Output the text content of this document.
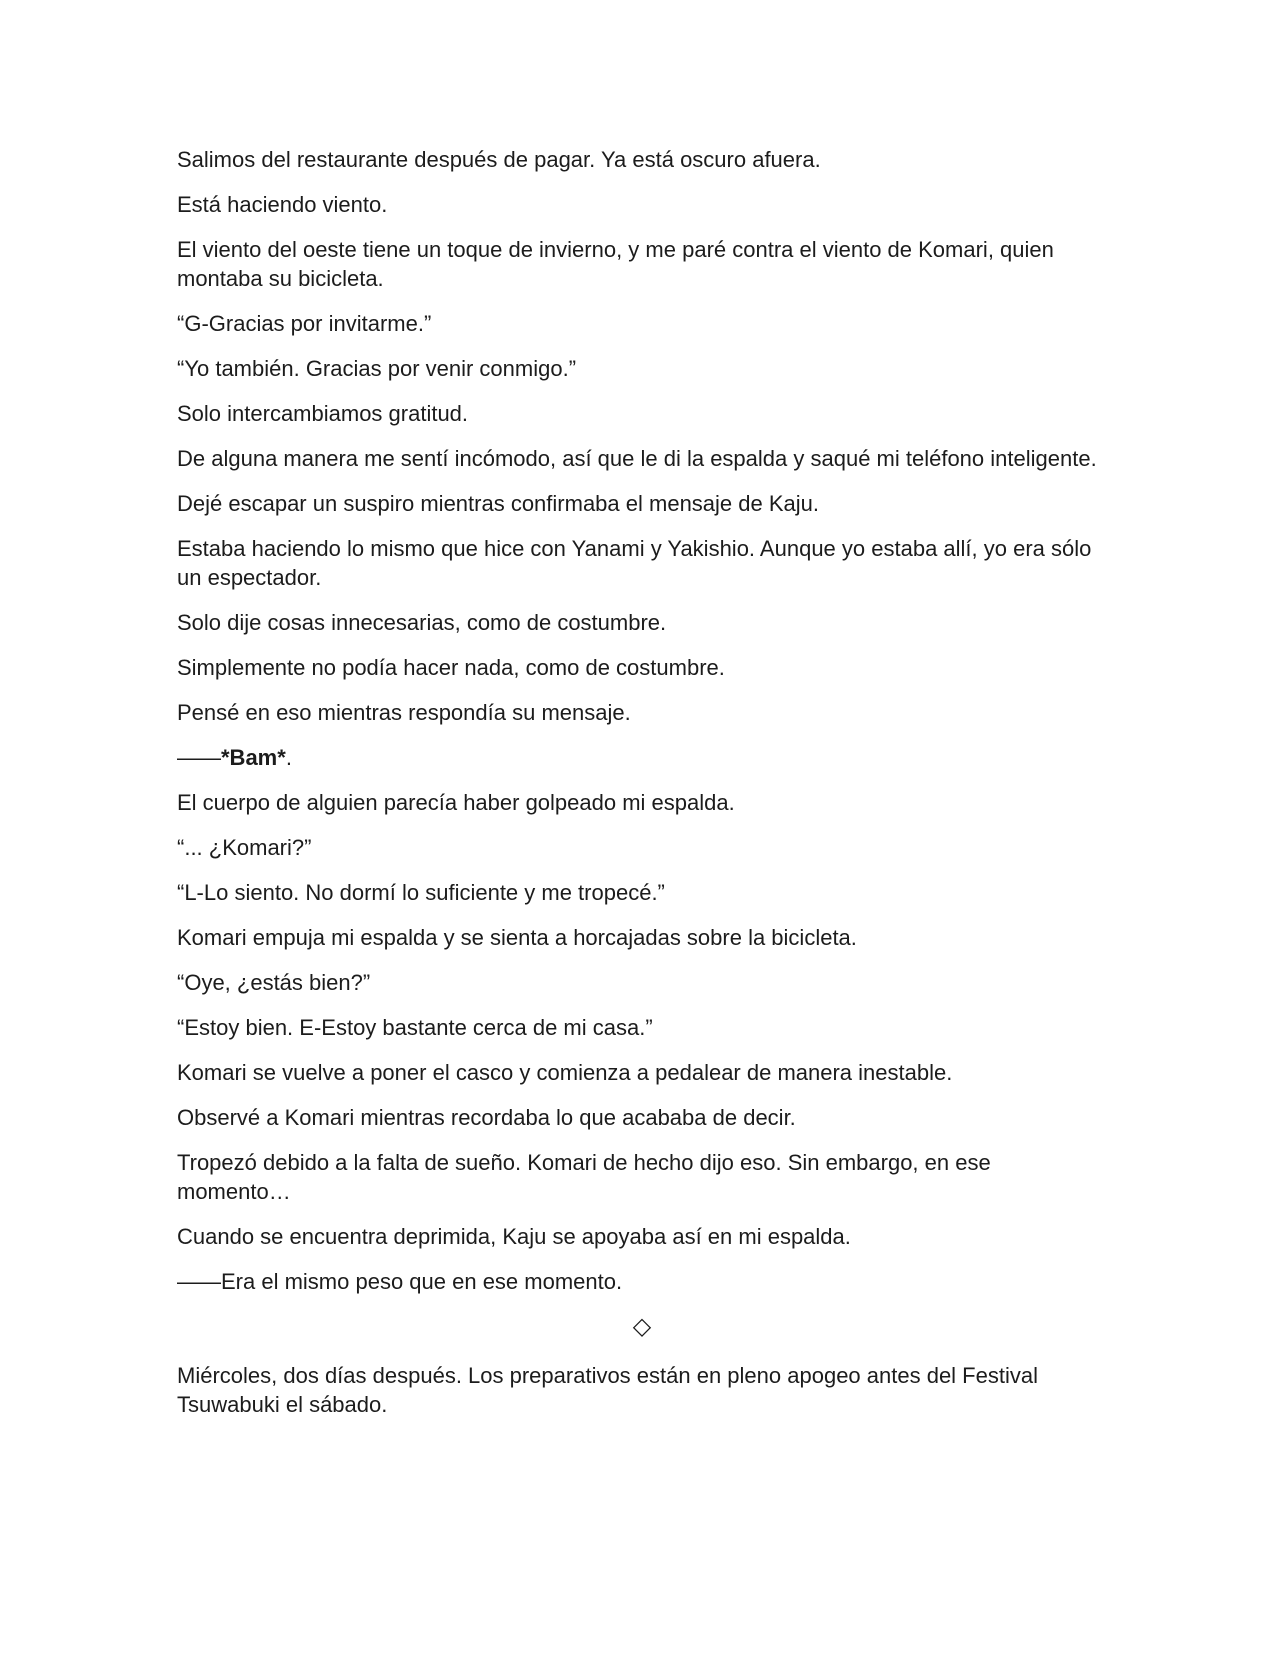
Salimos del restaurante después de pagar. Ya está oscuro afuera.

Está haciendo viento.

El viento del oeste tiene un toque de invierno, y me paré contra el viento de Komari, quien montaba su bicicleta.

“G-Gracias por invitarme.”

“Yo también. Gracias por venir conmigo.”

Solo intercambiamos gratitud.

De alguna manera me sentí incómodo, así que le di la espalda y saqué mi teléfono inteligente.

Dejé escapar un suspiro mientras confirmaba el mensaje de Kaju.

Estaba haciendo lo mismo que hice con Yanami y Yakishio. Aunque yo estaba allí, yo era sólo un espectador.

Solo dije cosas innecesarias, como de costumbre.

Simplemente no podía hacer nada, como de costumbre.

Pensé en eso mientras respondía su mensaje.

——*Bam*.

El cuerpo de alguien parecía haber golpeado mi espalda.

“... ¿Komari?”

“L-Lo siento. No dormí lo suficiente y me tropecé.”

Komari empuja mi espalda y se sienta a horcajadas sobre la bicicleta.

“Oye, ¿estás bien?”

“Estoy bien. E-Estoy bastante cerca de mi casa.”

Komari se vuelve a poner el casco y comienza a pedalear de manera inestable.

Observé a Komari mientras recordaba lo que acababa de decir.

Tropezó debido a la falta de sueño. Komari de hecho dijo eso. Sin embargo, en ese momento…

Cuando se encuentra deprimida, Kaju se apoyaba así en mi espalda.

——Era el mismo peso que en ese momento.

◇

Miércoles, dos días después. Los preparativos están en pleno apogeo antes del Festival Tsuwabuki el sábado.
